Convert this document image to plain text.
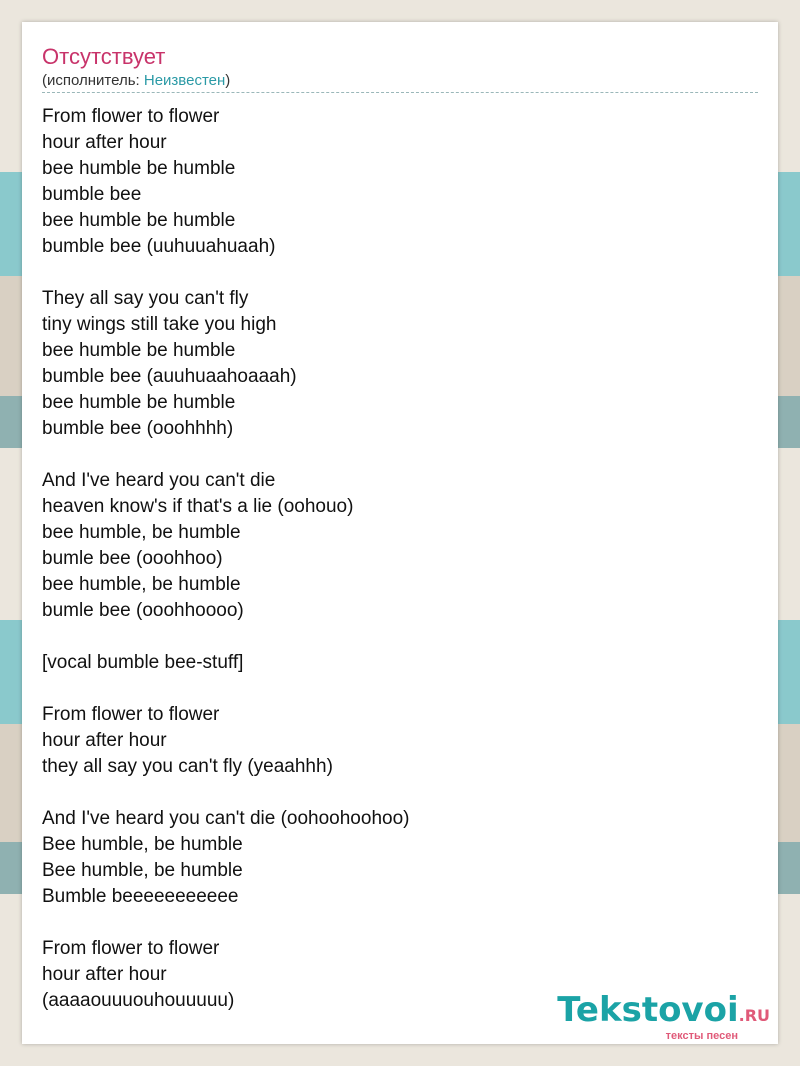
Отсутствует
(исполнитель: Неизвестен)
From flower to flower
hour after hour
bee humble be humble
bumble bee
bee humble be humble
bumble bee (uuhuuahuaah)
They all say you can't fly
tiny wings still take you high
bee humble be humble
bumble bee (auuhuaahoaaah)
bee humble be humble
bumble bee (ooohhhh)
And I've heard you can't die
heaven know's if that's a lie (oohouo)
bee humble, be humble
bumle bee (ooohhoo)
bee humble, be humble
bumle bee (ooohhoooo)
[vocal bumble bee-stuff]
From flower to flower
hour after hour
they all say you can't fly (yeaahhh)
And I've heard you can't die (oohoohoohoo)
Bee humble, be humble
Bee humble, be humble
Bumble beeeeeeeeeee
From flower to flower
hour after hour
(aaaaouuuouhouuuuu)	Tekstovoi.RU
тексты песен
